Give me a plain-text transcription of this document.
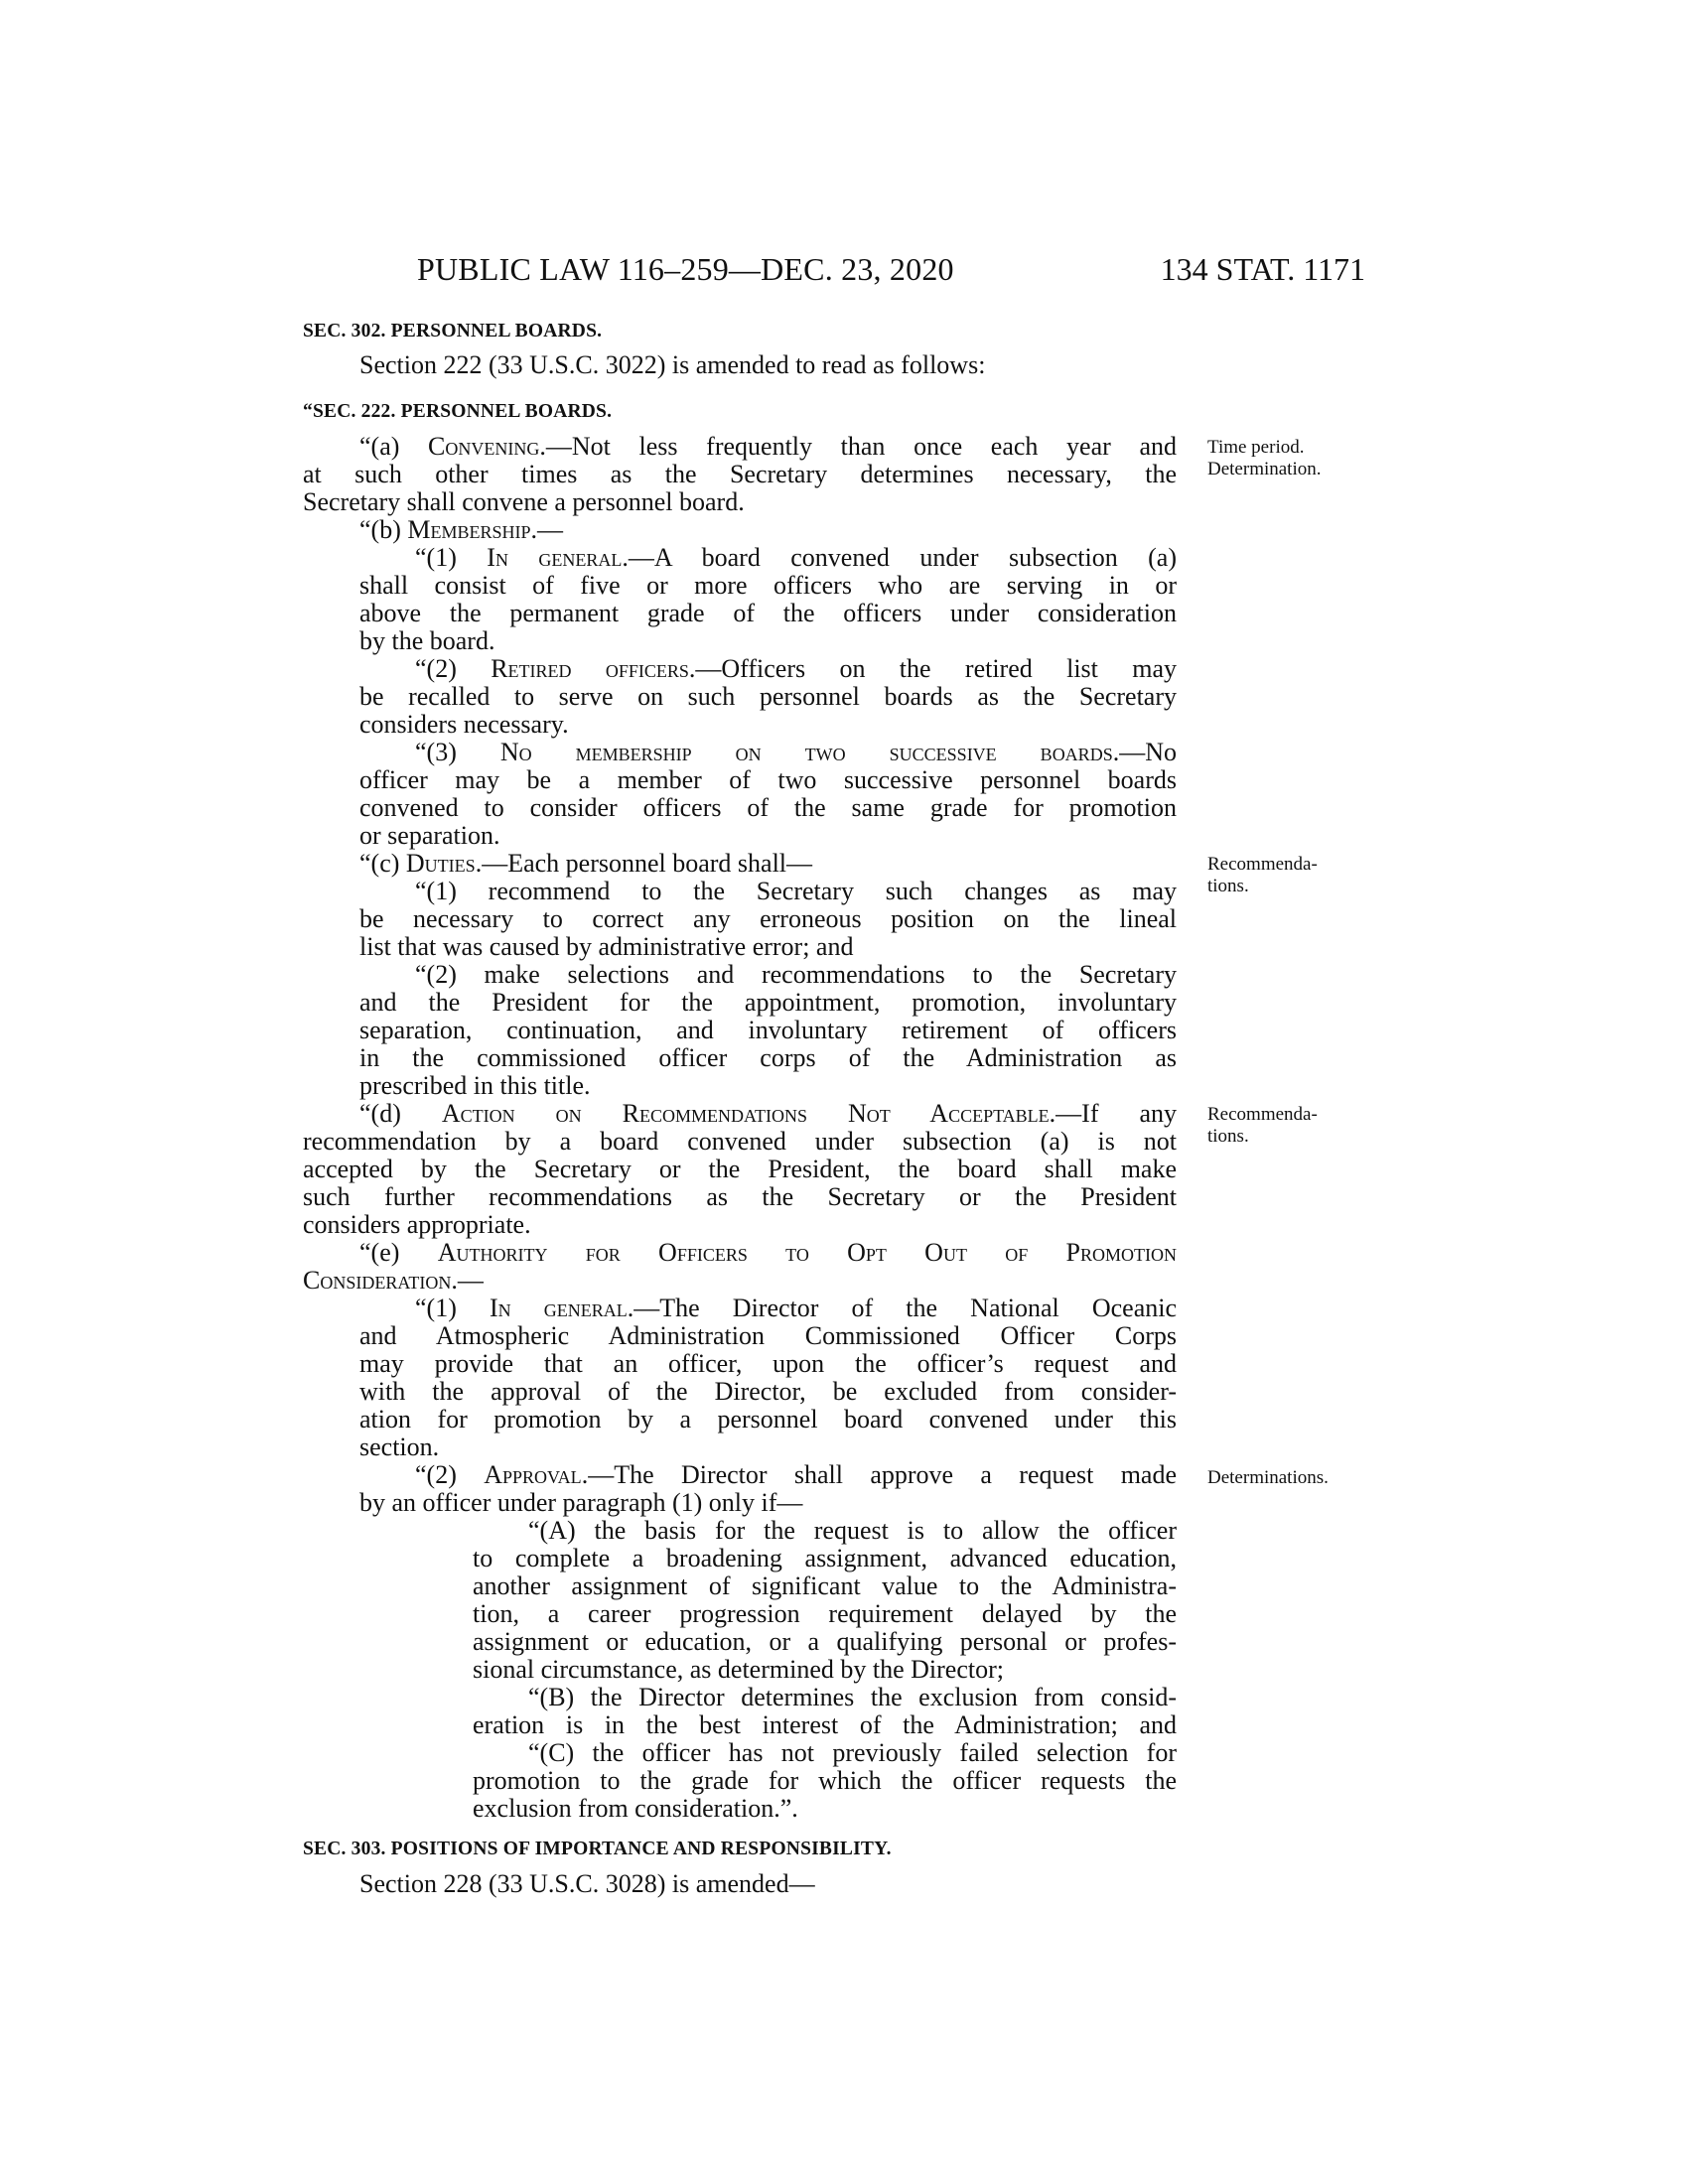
PUBLIC LAW 116–259—DEC. 23, 2020	134 STAT. 1171
SEC. 302. PERSONNEL BOARDS.
Section 222 (33 U.S.C. 3022) is amended to read as follows:
“SEC. 222. PERSONNEL BOARDS.
“(a) Convening.—Not less frequently than once each year and
at such other times as the Secretary determines necessary, the
Secretary shall convene a personnel board.
“(b) Membership.—
“(1) In general.—A board convened under subsection (a)
shall consist of five or more officers who are serving in or
above the permanent grade of the officers under consideration
by the board.
“(2) Retired officers.—Officers on the retired list may
be recalled to serve on such personnel boards as the Secretary
considers necessary.
“(3) No membership on two successive boards.—No
officer may be a member of two successive personnel boards
convened to consider officers of the same grade for promotion
or separation.
“(c) Duties.—Each personnel board shall—
“(1) recommend to the Secretary such changes as may
be necessary to correct any erroneous position on the lineal
list that was caused by administrative error; and
“(2) make selections and recommendations to the Secretary
and the President for the appointment, promotion, involuntary
separation, continuation, and involuntary retirement of officers
in the commissioned officer corps of the Administration as
prescribed in this title.
“(d) Action on Recommendations Not Acceptable.—If any
recommendation by a board convened under subsection (a) is not
accepted by the Secretary or the President, the board shall make
such further recommendations as the Secretary or the President
considers appropriate.
“(e) Authority for Officers to Opt Out of Promotion
Consideration.—
“(1) In general.—The Director of the National Oceanic
and Atmospheric Administration Commissioned Officer Corps
may provide that an officer, upon the officer’s request and
with the approval of the Director, be excluded from consider-
ation for promotion by a personnel board convened under this
section.
“(2) Approval.—The Director shall approve a request made
by an officer under paragraph (1) only if—
“(A) the basis for the request is to allow the officer
to complete a broadening assignment, advanced education,
another assignment of significant value to the Administra-
tion, a career progression requirement delayed by the
assignment or education, or a qualifying personal or profes-
sional circumstance, as determined by the Director;
“(B) the Director determines the exclusion from consid-
eration is in the best interest of the Administration; and
“(C) the officer has not previously failed selection for
promotion to the grade for which the officer requests the
exclusion from consideration.”.
SEC. 303. POSITIONS OF IMPORTANCE AND RESPONSIBILITY.
Section 228 (33 U.S.C. 3028) is amended—
Time period.
Determination.
Recommenda-
tions.
Recommenda-
tions.
Determinations.
